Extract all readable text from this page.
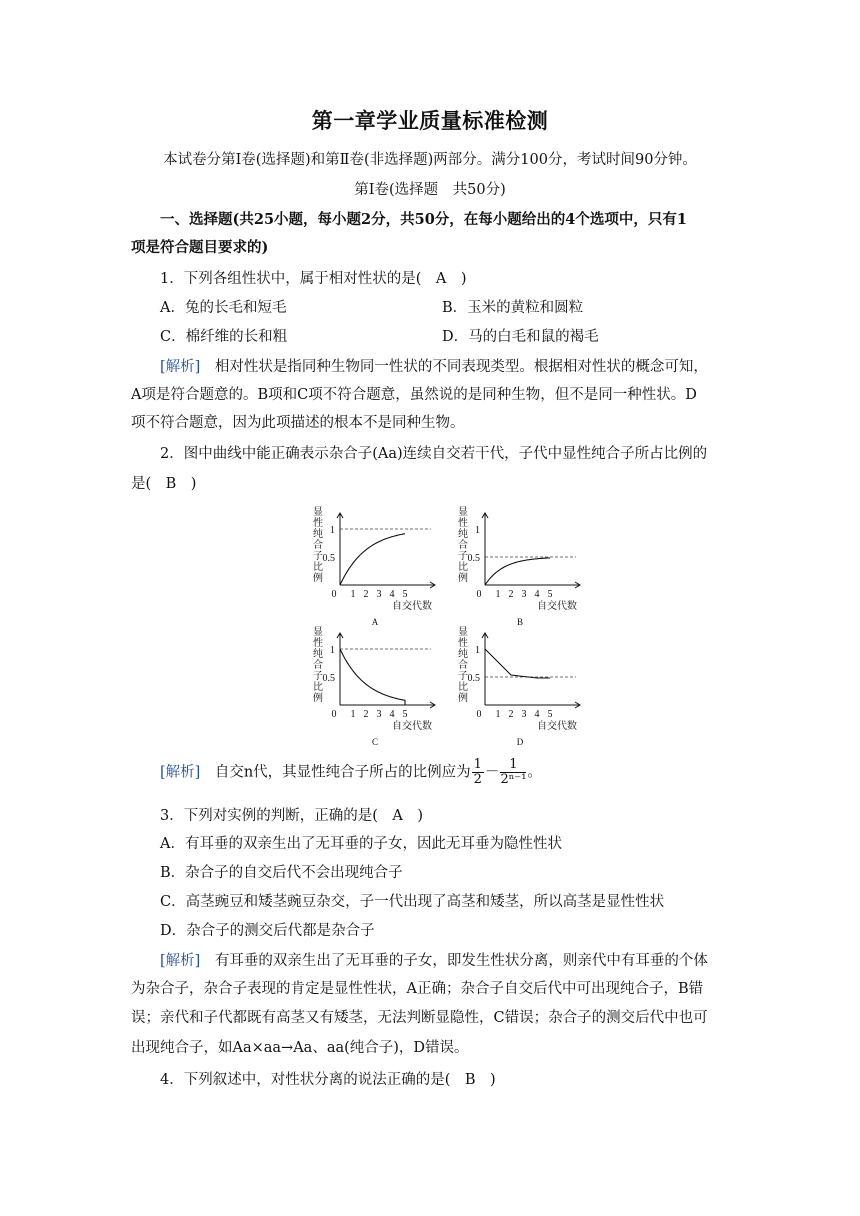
第一章学业质量标准检测
本试卷分第Ⅰ卷(选择题)和第Ⅱ卷(非选择题)两部分。满分100分，考试时间90分钟。
第Ⅰ卷(选择题　共50分)
一、选择题(共25小题，每小题2分，共50分，在每小题给出的4个选项中，只有1
项是符合题目要求的)
1．下列各组性状中，属于相对性状的是(　A　)
A．兔的长毛和短毛	B．玉米的黄粒和圆粒
C．棉纤维的长和粗	D．马的白毛和鼠的褐毛
[解析]　相对性状是指同种生物同一性状的不同表现类型。根据相对性状的概念可知，
A项是符合题意的。B项和C项不符合题意，虽然说的是同种生物，但不是同一种性状。D
项不符合题意，因为此项描述的根本不是同种生物。
2．图中曲线中能正确表示杂合子(Aa)连续自交若干代，子代中显性纯合子所占比例的
是(　B　)
显
性
纯
合
子
比
例
1
0.5
0 1 2 3 4 5
自交代数
A
显
性
纯
合
子
比
例
1
0.5
0 1 2 3 4 5
自交代数
B
显
性
纯
合
子
比
例
1
0.5
0 1 2 3 4 5
自交代数
C
显
性
纯
合
子
比
例
1
0.5
0 1 2 3 4 5
自交代数
D
[解析]　自交n代，其显性纯合子所占的比例应为 $\frac{1}{2} - \frac{1}{\text{2ⁿ⁻¹}}$ 。
3．下列对实例的判断，正确的是(　A　)
A．有耳垂的双亲生出了无耳垂的子女，因此无耳垂为隐性性状
B．杂合子的自交后代不会出现纯合子
C．高茎豌豆和矮茎豌豆杂交，子一代出现了高茎和矮茎，所以高茎是显性性状
D．杂合子的测交后代都是杂合子
[解析]　有耳垂的双亲生出了无耳垂的子女，即发生性状分离，则亲代中有耳垂的个体
为杂合子，杂合子表现的肯定是显性性状，A正确；杂合子自交后代中可出现纯合子，B错
误；亲代和子代都既有高茎又有矮茎，无法判断显隐性，C错误；杂合子的测交后代中也可
出现纯合子，如Aa×aa→Aa、aa(纯合子)，D错误。
4．下列叙述中，对性状分离的说法正确的是(　B　)
